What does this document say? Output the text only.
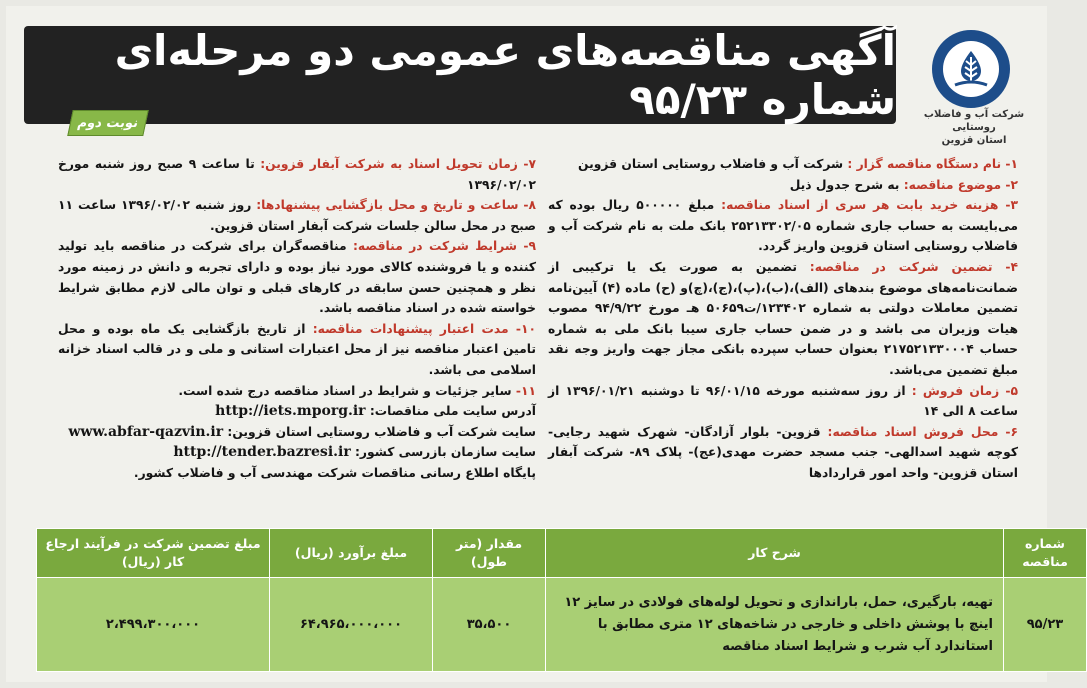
آگهی مناقصه‌های عمومی دو مرحله‌ای شماره ۹۵/۲۳
نوبت دوم
شرکت آب و فاضلاب روستایی
استان قزوین

۱- نام دستگاه مناقصه گزار : شرکت آب و فاضلاب روستایی استان قزوین

۲- موضوع مناقصه: به شرح جدول ذیل

۳- هزینه خرید بابت هر سری از اسناد مناقصه: مبلغ ۵۰۰۰۰۰ ریال بوده که می‌بایست به حساب جاری شماره ۲۵۲۱۳۳۰۲/۰۵ بانک ملت به نام شرکت آب و فاضلاب روستایی استان قزوین واریز گردد.

۴- تضمین شرکت در مناقصه: تضمین به صورت یک یا ترکیبی از ضمانت‌نامه‌های موضوع بندهای (الف)،(ب)،(پ)،(ج)،(چ)و (ح) ماده (۴) آیین‌نامه تضمین معاملات دولتی به شماره ۱۲۳۴۰۲/ت۵۰۶۵۹ هـ مورخ ۹۴/۹/۲۲ مصوب هیات وزیران می باشد و در ضمن حساب جاری سیبا بانک ملی به شماره حساب ۲۱۷۵۲۱۳۳۰۰۰۴ بعنوان حساب سپرده بانکی مجاز جهت واریز وجه نقد مبلغ تضمین می‌باشد.

۵- زمان فروش : از روز سه‌شنبه مورخه ۹۶/۰۱/۱۵ تا دوشنبه ۱۳۹۶/۰۱/۲۱ از ساعت ۸ الی ۱۴

۶- محل فروش اسناد مناقصه: قزوین- بلوار آزادگان- شهرک شهید رجایی- کوچه شهید اسدالهی- جنب مسجد حضرت مهدی(عج)- پلاک ۸۹- شرکت آبفار استان قزوین- واحد امور قراردادها

۷- زمان تحویل اسناد به شرکت آبفار قزوین: تا ساعت ۹ صبح روز شنبه مورخ ۱۳۹۶/۰۲/۰۲

۸- ساعت و تاریخ و محل بازگشایی پیشنهادها: روز شنبه ۱۳۹۶/۰۲/۰۲ ساعت ۱۱ صبح در محل سالن جلسات شرکت آبفار استان قزوین.

۹- شرایط شرکت در مناقصه: مناقصه‌گران برای شرکت در مناقصه باید تولید کننده و یا فروشنده کالای مورد نیاز بوده و دارای تجربه و دانش در زمینه مورد نظر و همچنین حسن سابقه در کارهای قبلی و توان مالی لازم مطابق شرایط خواسته شده در اسناد مناقصه باشد.

۱۰- مدت اعتبار پیشنهادات مناقصه: از تاریخ بازگشایی یک ماه بوده و محل تامین اعتبار مناقصه نیز از محل اعتبارات استانی و ملی و در قالب اسناد خزانه اسلامی می باشد.

۱۱- سایر جزئیات و شرایط در اسناد مناقصه درج شده است.

آدرس سایت ملی مناقصات: http://iets.mporg.ir

سایت شرکت آب و فاضلاب روستایی استان قزوین: www.abfar-qazvin.ir

سایت سازمان بازرسی کشور: http://tender.bazresi.ir

پایگاه اطلاع رسانی مناقصات شرکت مهندسی آب و فاضلاب کشور.

شماره مناقصه	شرح کار	مقدار (متر طول)	مبلغ برآورد (ریال)	مبلغ تضمین شرکت در فرآیند ارجاع کار (ریال)
۹۵/۲۳	تهیه، بارگیری، حمل، باراندازی و تحویل لوله‌های فولادی در سایز ۱۲ اینچ با پوشش داخلی و خارجی در شاخه‌های ۱۲ متری مطابق با استاندارد آب شرب و شرایط اسناد مناقصه	۳۵،۵۰۰	۶۴،۹۶۵،۰۰۰،۰۰۰	۲،۴۹۹،۳۰۰،۰۰۰
